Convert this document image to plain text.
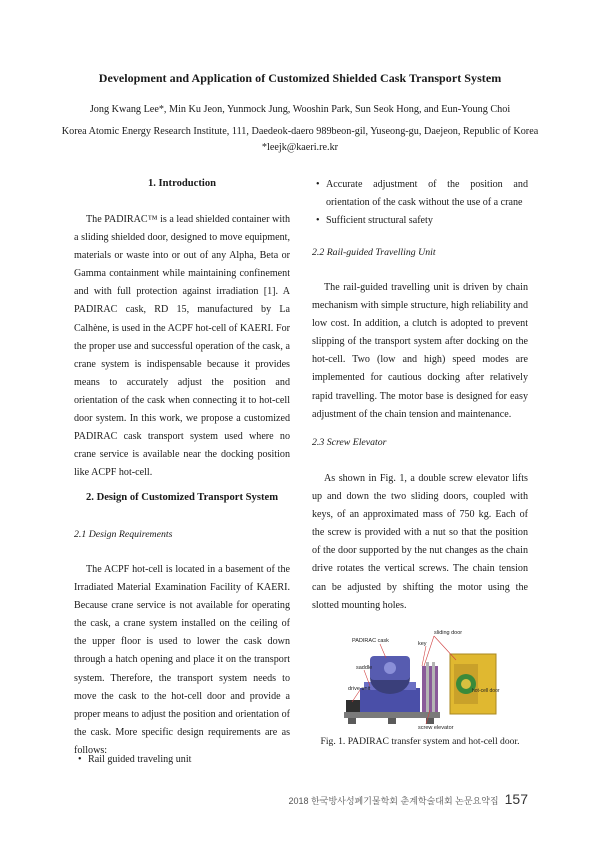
Development and Application of Customized Shielded Cask Transport System
Jong Kwang Lee*, Min Ku Jeon, Yunmock Jung, Wooshin Park, Sun Seok Hong, and Eun-Young Choi
Korea Atomic Energy Research Institute, 111, Daedeok-daero 989beon-gil, Yuseong-gu, Daejeon, Republic of Korea
*leejk@kaeri.re.kr
1. Introduction

The PADIRAC™ is a lead shielded container with a sliding shielded door, designed to move equipment, materials or waste into or out of any Alpha, Beta or Gamma containment while maintaining confinement and with full protection against irradiation [1]. A PADIRAC cask, RD 15, manufactured by La Calhène, is used in the ACPF hot-cell of KAERI. For the proper use and successful operation of the cask, a crane system is indispensable because it provides means to accurately adjust the position and orientation of the cask when connecting it to hot-cell door system. In this work, we propose a customized PADIRAC cask transport system used where no crane service is available near the docking position like ACPF hot-cell.

2. Design of Customized Transport System
2.1 Design Requirements

The ACPF hot-cell is located in a basement of the Irradiated Material Examination Facility of KAERI. Because crane service is not available for operating the cask, a crane system installed on the ceiling of the upper floor is used to lower the cask down through a hatch opening and place it on the transport system. Therefore, the transport system needs to move the cask to the hot-cell door and provide a proper means to adjust the position and orientation of the cask. More specific design requirements are as follows:

• Rail guided traveling unit
• Accurate adjustment of the position and orientation of the cask without the use of a crane
• Sufficient structural safety
2.2 Rail-guided Travelling Unit

The rail-guided travelling unit is driven by chain mechanism with simple structure, high reliability and low cost. In addition, a clutch is adopted to prevent slipping of the transport system after docking on the hot-cell. Two (low and high) speed modes are implemented for cautious docking after relatively rapid travelling. The motor base is designed for easy adjustment of the chain tension and maintenance.

2.3 Screw Elevator

As shown in Fig. 1, a double screw elevator lifts up and down the two sliding doors, coupled with keys, of an approximated mass of 750 kg. Each of the screw is provided with a nut so that the position of the door supported by the nut changes as the chain drive rotates the vertical screws. The chain tension can be adjusted by shifting the motor using the slotted mounting holes.

PADIRAC cask
sliding door
key
saddle
drive unit	hot-cell door
screw elevator
Fig. 1. PADIRAC transfer system and hot-cell door.
2018 한국방사성폐기물학회 춘계학술대회 논문요약집 157
